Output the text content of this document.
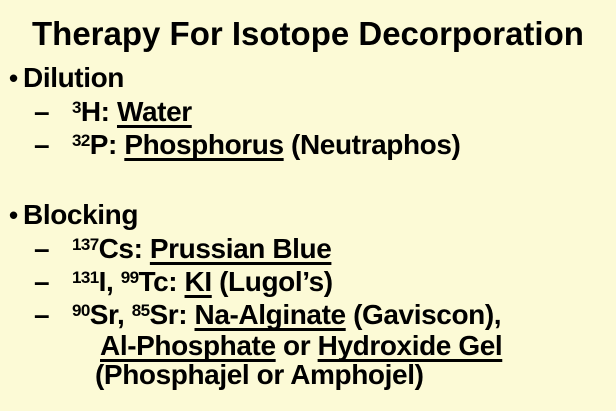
Therapy For Isotope Decorporation
• Dilution
– $^3$H: Water
– $^{32}$P: Phosphorus (Neutraphos)
• Blocking
– $^{137}$Cs: Prussian Blue
– $^{131}$I, $^{99}$Tc: KI (Lugol’s)
– $^{90}$Sr, $^{85}$Sr: Na-Alginate (Gaviscon),
Al-Phosphate or Hydroxide Gel
(Phosphajel or Amphojel)
